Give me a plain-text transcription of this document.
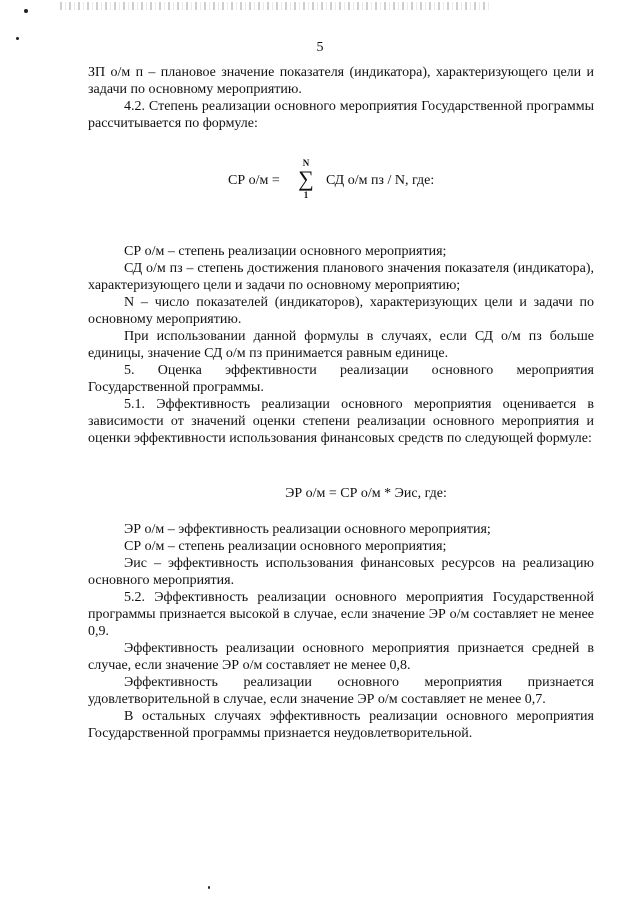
5

ЗП о/м п – плановое значение показателя (индикатора), характеризующего цели и задачи по основному мероприятию.

4.2. Степень реализации основного мероприятия Государственной программы рассчитывается по формуле:

СР о/м =
N
∑
1
СД о/м пз / N, где:

СР о/м – степень реализации основного мероприятия;

СД о/м пз – степень достижения планового значения показателя (индикатора), характеризующего цели и задачи по основному мероприятию;

N – число показателей (индикаторов), характеризующих цели и задачи по основному мероприятию.

При использовании данной формулы в случаях, если СД о/м пз больше единицы, значение СД о/м пз принимается равным единице.

5. Оценка эффективности реализации основного мероприятия Государственной программы.

5.1. Эффективность реализации основного мероприятия оценивается в зависимости от значений оценки степени реализации основного мероприятия и оценки эффективности использования финансовых средств по следующей формуле:

ЭР о/м = СР о/м * Эис, где:

ЭР о/м – эффективность реализации основного мероприятия;

СР о/м – степень реализации основного мероприятия;

Эис – эффективность использования финансовых ресурсов на реализацию основного мероприятия.

5.2. Эффективность реализации основного мероприятия Государственной программы признается высокой в случае, если значение ЭР о/м составляет не менее 0,9.

Эффективность реализации основного мероприятия признается средней в случае, если значение ЭР о/м составляет не менее 0,8.

Эффективность реализации основного мероприятия признается удовлетворительной в случае, если значение ЭР о/м составляет не менее 0,7.

В остальных случаях эффективность реализации основного мероприятия Государственной программы признается неудовлетворительной.
